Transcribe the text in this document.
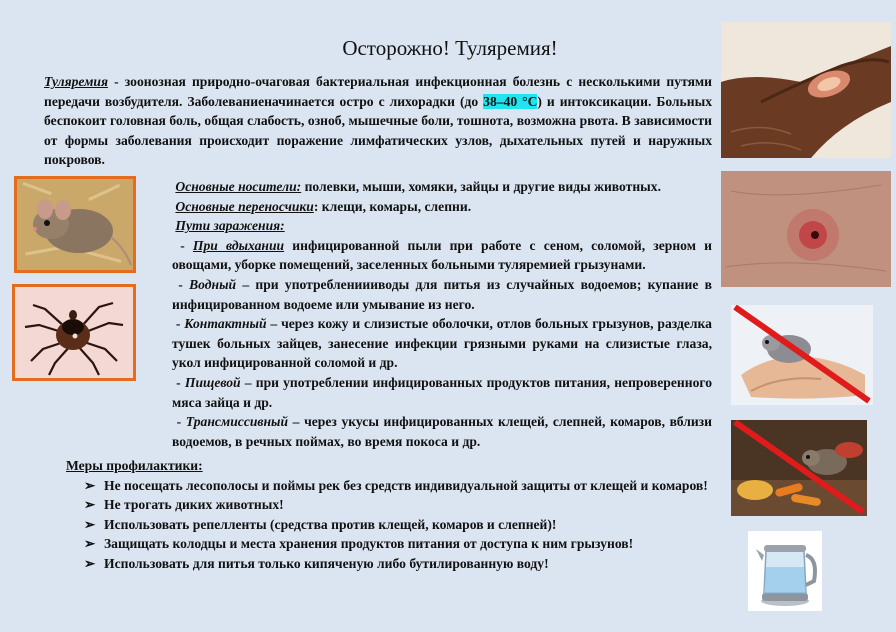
Осторожно! Туляремия!
Туляремия - зоонозная природно-очаговая бактериальная инфекционная болезнь с несколькими путями передачи возбудителя. Заболеваниеначинается остро с лихорадки (до 38–40 °C) и интоксикации. Больных беспокоит головная боль, общая слабость, озноб, мышечные боли, тошнота, возможна рвота. В зависимости от формы заболевания происходит поражение лимфатических узлов, дыхательных путей и наружных покровов.

Основные носители: полевки, мыши, хомяки, зайцы и другие виды животных.

Основные переносчики: клещи, комары, слепни.

Пути заражения:

- При вдыхании инфицированной пыли при работе с сеном, соломой, зерном и овощами, уборке помещений, заселенных больными туляремией грызунами.

- Водный – при употреблениииводы для питья из случайных водоемов; купание в инфицированном водоеме или умывание из него.

- Контактный – через кожу и слизистые оболочки, отлов больных грызунов, разделка тушек больных зайцев, занесение инфекции грязными руками на слизистые глаза, укол инфицированной соломой и др.

- Пищевой – при употреблении инфицированных продуктов питания, непроверенного мяса зайца и др.

- Трансмиссивный – через укусы инфицированных клещей, слепней, комаров, вблизи водоемов, в речных поймах, во время покоса и др.

Меры профилактики:
➢ Не посещать лесополосы и поймы рек без средств индивидуальной защиты от клещей и комаров!
➢ Не трогать диких животных!
➢ Использовать репелленты (средства против клещей, комаров и слепней)!
➢ Защищать колодцы и места хранения продуктов питания от доступа к ним грызунов!
➢ Использовать для питья только кипяченую либо бутилированную воду!
